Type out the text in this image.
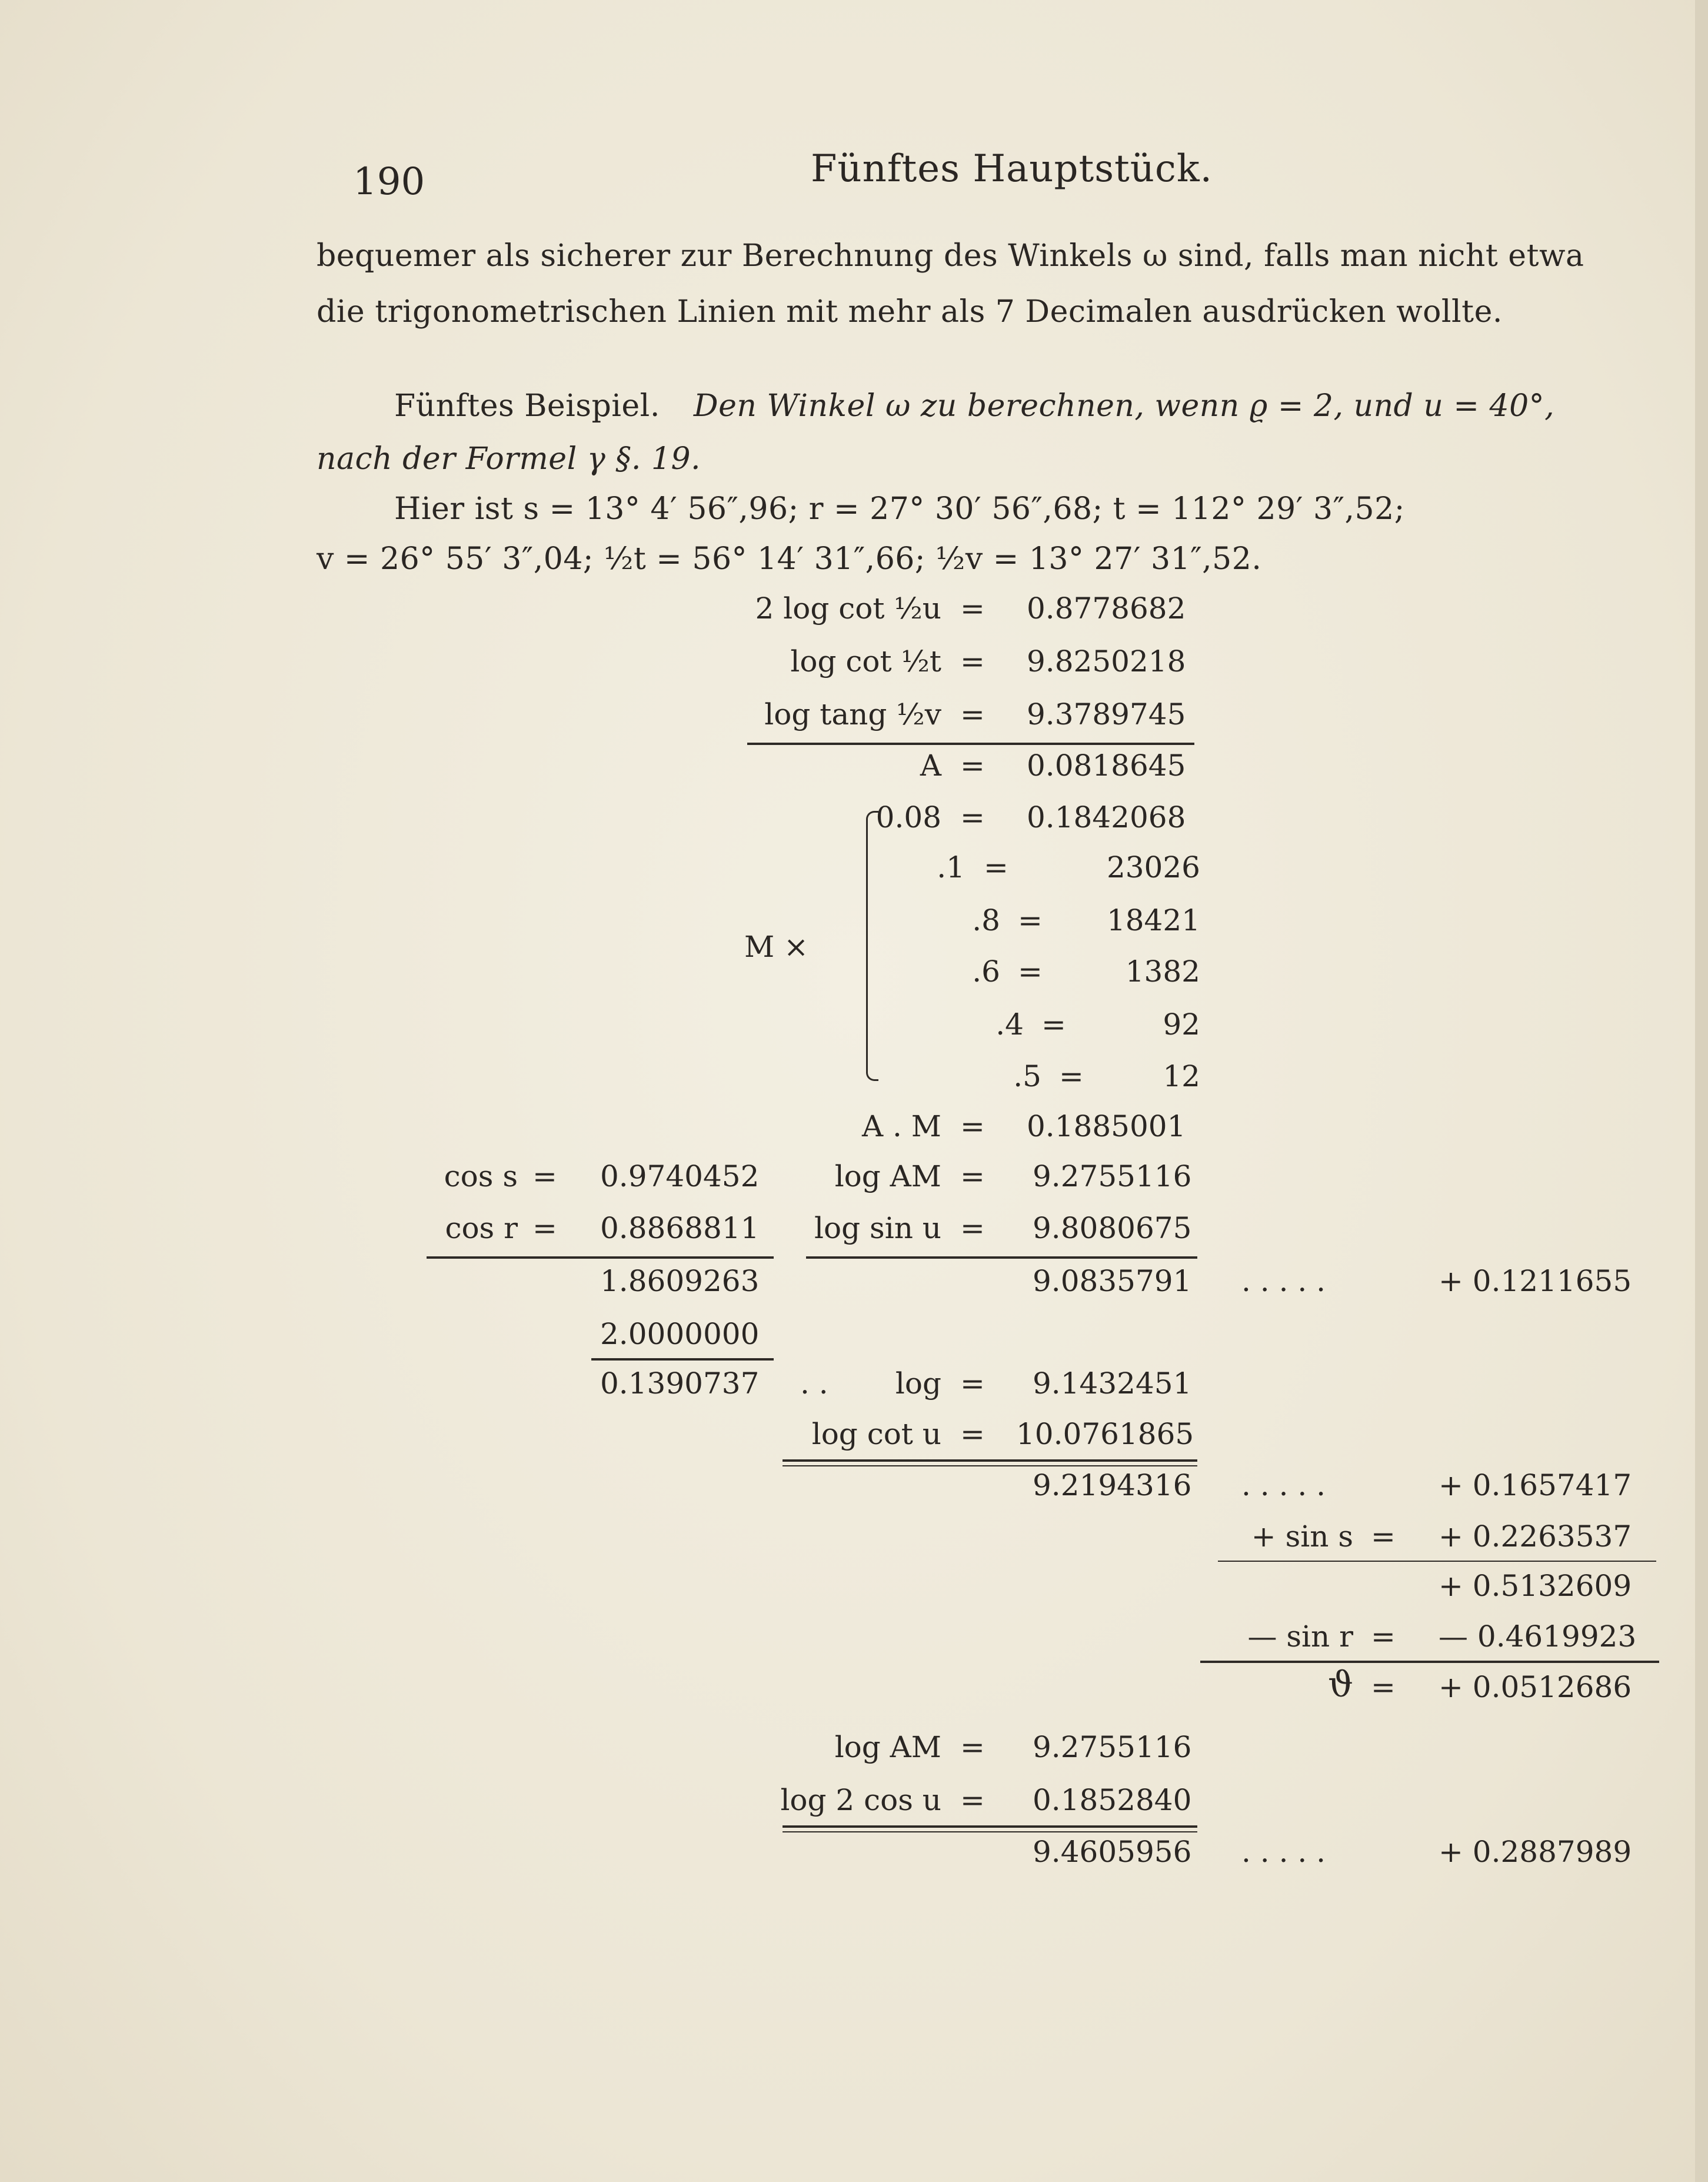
190	Fünftes Hauptstück.
bequemer als sicherer zur Berechnung des Winkels ω sind, falls man nicht etwa
die trigonometrischen Linien mit mehr als 7 Decimalen ausdrücken wollte.
Fünftes Beispiel. Den Winkel ω zu berechnen, wenn ϱ = 2, und u = 40°,
nach der Formel γ §. 19.
Hier ist s = 13° 4′ 56″,96; r = 27° 30′ 56″,68; t = 112° 29′ 3″,52;
v = 26° 55′ 3″,04; ½t = 56° 14′ 31″,66; ½v = 13° 27′ 31″,52.
2 log cot ½u = 0.8778682
log cot ½t = 9.8250218
log tang ½v = 9.3789745
A = 0.0818645
M ×
0.08 = 0.1842068
.1 =	23026
.8 =	18421
.6 =	1382
.4 =	92
.5 =	12
A . M = 0.1885001
cos s = 0.9740452	log AM = 9.2755116
cos r = 0.8868811	log sin u = 9.8080675
1.8609263	9.0835791 . . . . .	+ 0.1211655
2.0000000
0.1390737 . .	log = 9.1432451
log cot u = 10.0761865
9.2194316 . . . . .	+ 0.1657417
+ sin s = + 0.2263537
+ 0.5132609
— sin r = — 0.4619923
ϑ = + 0.0512686
log AM = 9.2755116
log 2 cos u = 0.1852840
9.4605956 . . . . .	+ 0.2887989
